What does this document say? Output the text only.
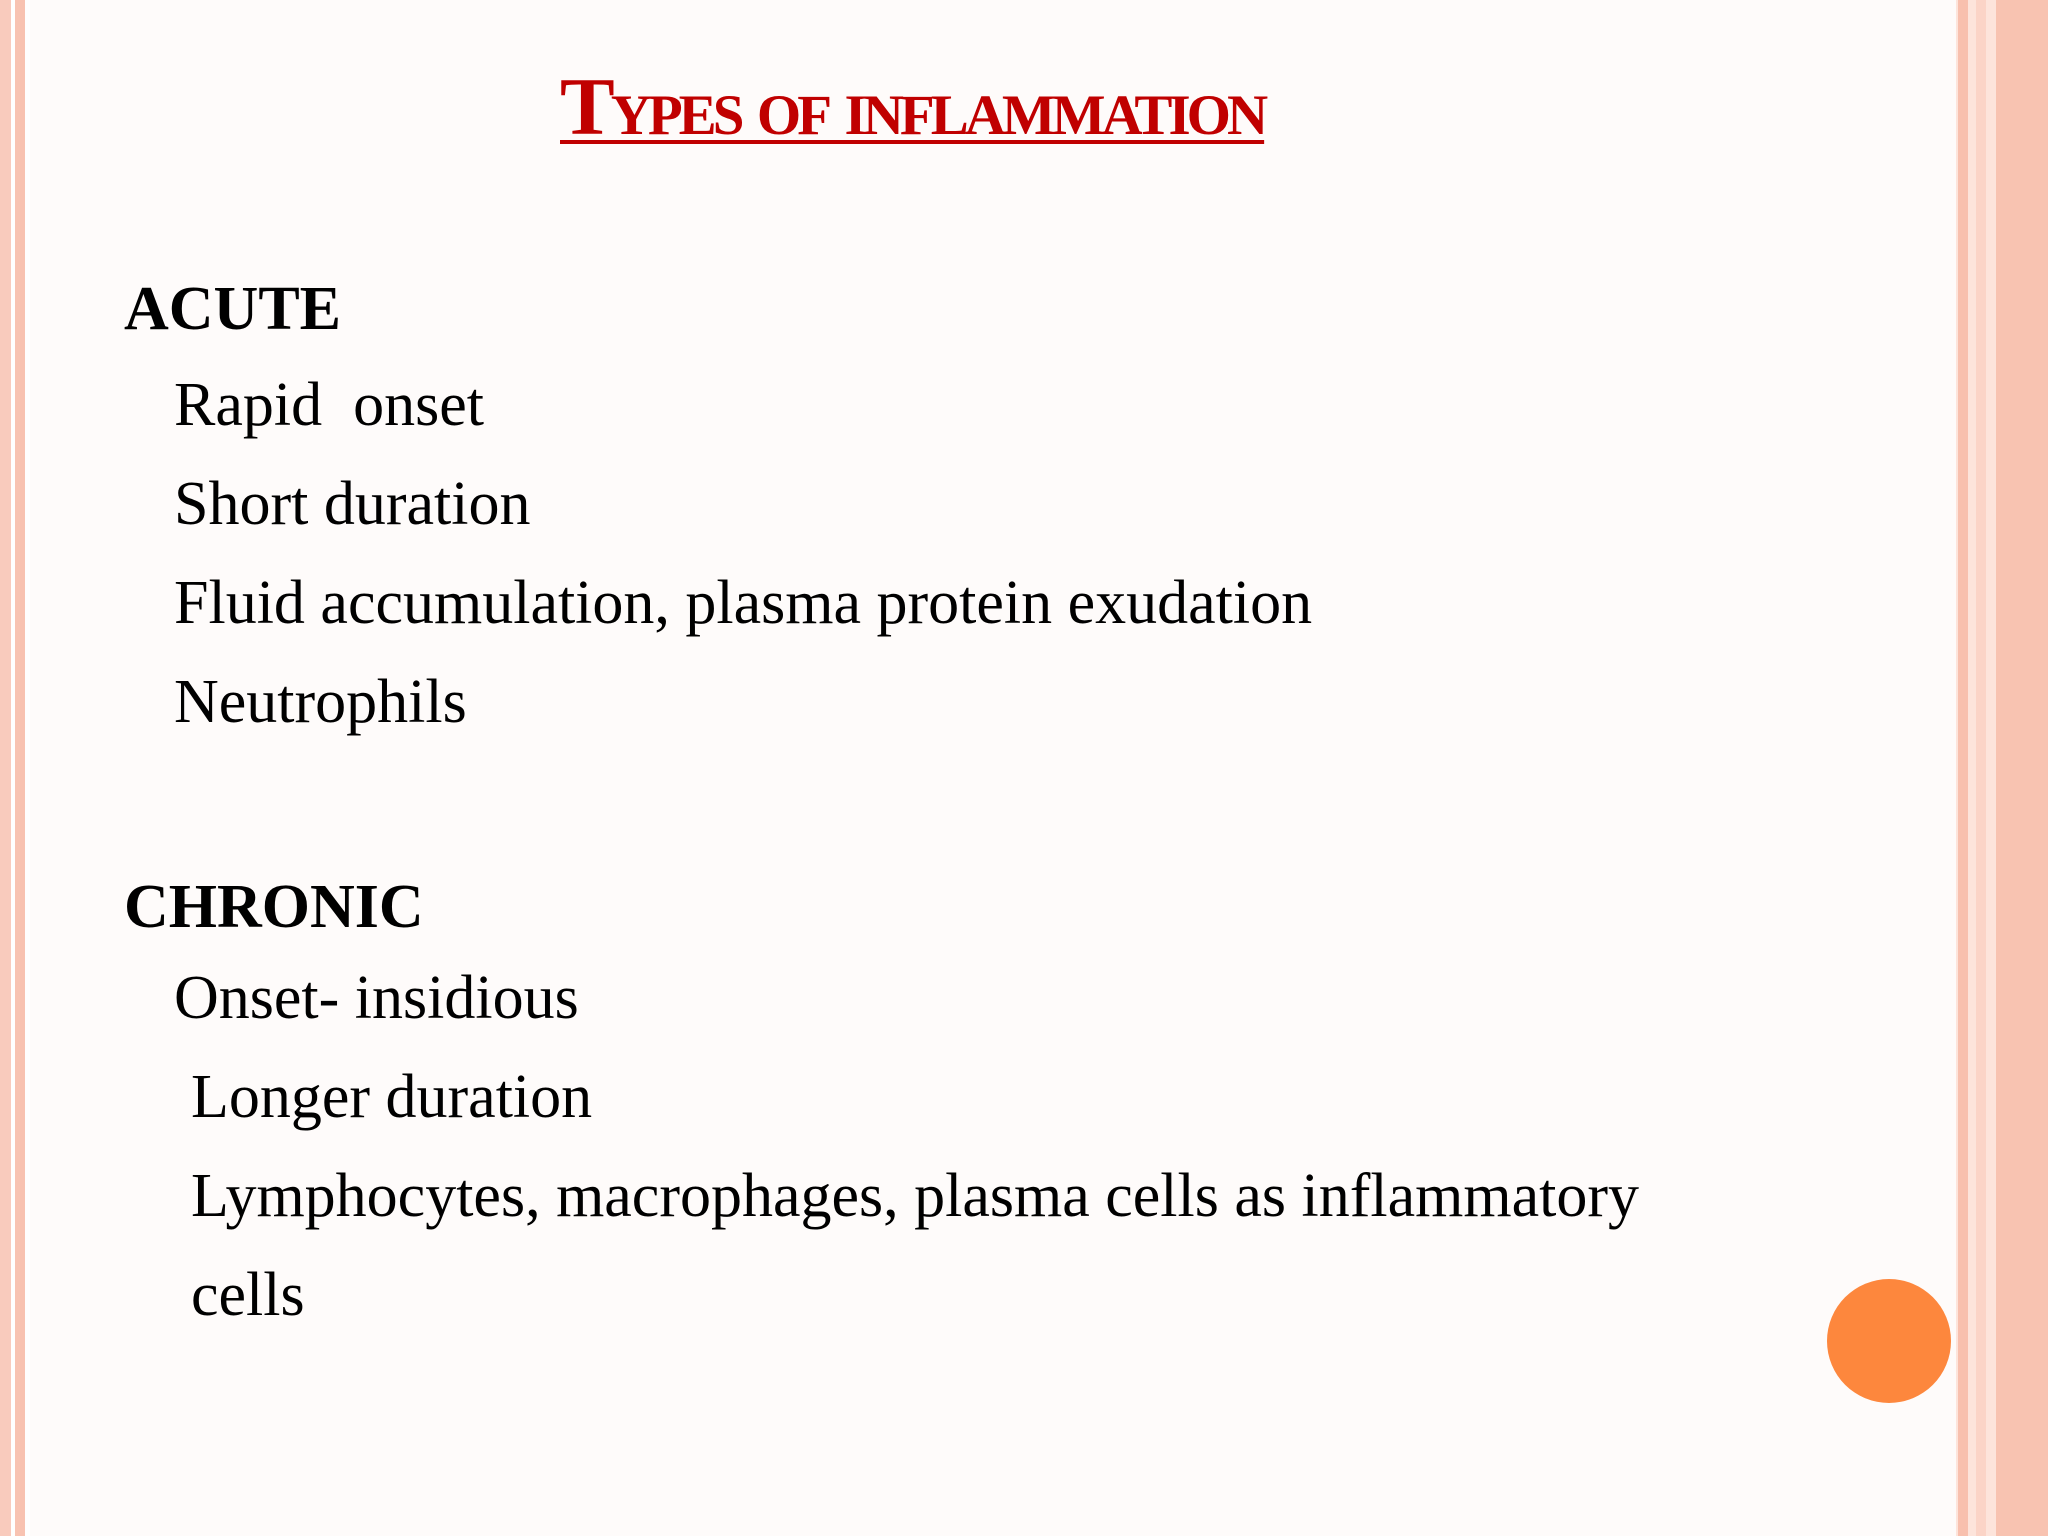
Types of inflammation
ACUTE
Rapid  onset
Short duration
Fluid accumulation, plasma protein exudation
Neutrophils
CHRONIC
Onset- insidious
Longer duration
Lymphocytes, macrophages, plasma cells as inflammatory
cells
